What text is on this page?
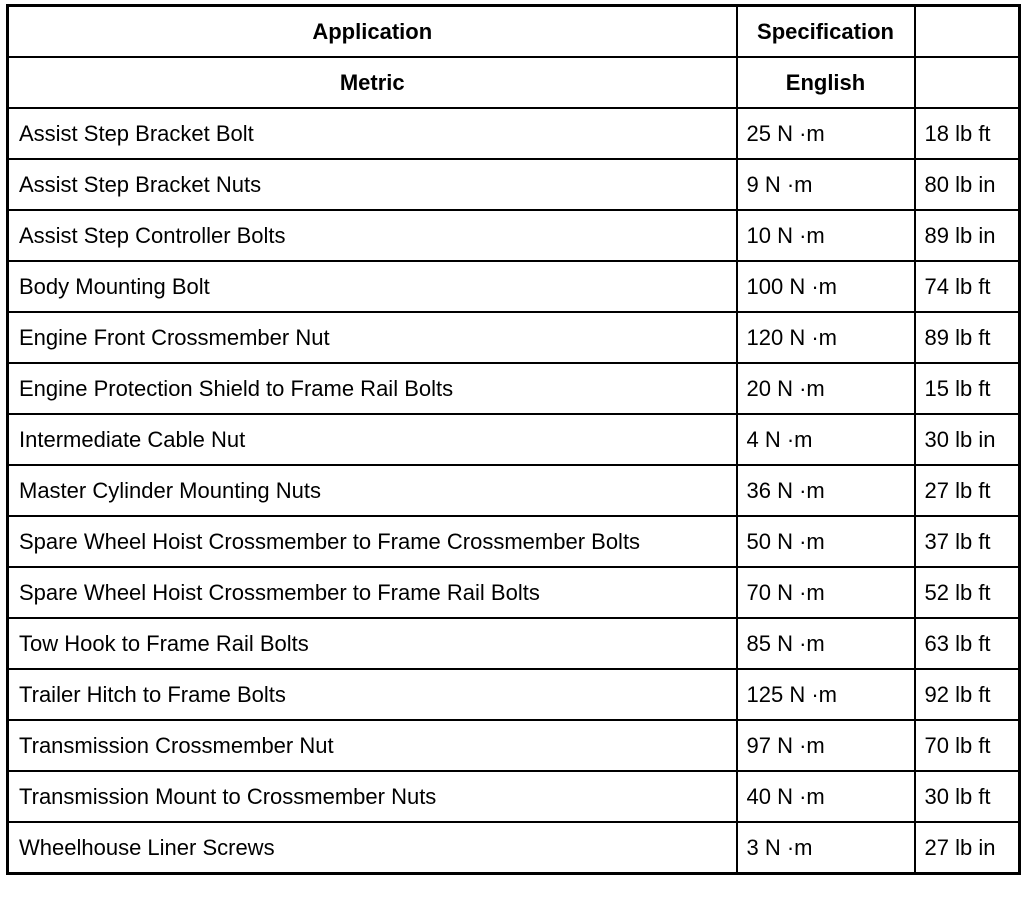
Application	Specification	
Metric	English	
Assist Step Bracket Bolt	25 N ·m	18 lb ft
Assist Step Bracket Nuts	9 N ·m	80 lb in
Assist Step Controller Bolts	10 N ·m	89 lb in
Body Mounting Bolt	100 N ·m	74 lb ft
Engine Front Crossmember Nut	120 N ·m	89 lb ft
Engine Protection Shield to Frame Rail Bolts	20 N ·m	15 lb ft
Intermediate Cable Nut	4 N ·m	30 lb in
Master Cylinder Mounting Nuts	36 N ·m	27 lb ft
Spare Wheel Hoist Crossmember to Frame Crossmember Bolts	50 N ·m	37 lb ft
Spare Wheel Hoist Crossmember to Frame Rail Bolts	70 N ·m	52 lb ft
Tow Hook to Frame Rail Bolts	85 N ·m	63 lb ft
Trailer Hitch to Frame Bolts	125 N ·m	92 lb ft
Transmission Crossmember Nut	97 N ·m	70 lb ft
Transmission Mount to Crossmember Nuts	40 N ·m	30 lb ft
Wheelhouse Liner Screws	3 N ·m	27 lb in
